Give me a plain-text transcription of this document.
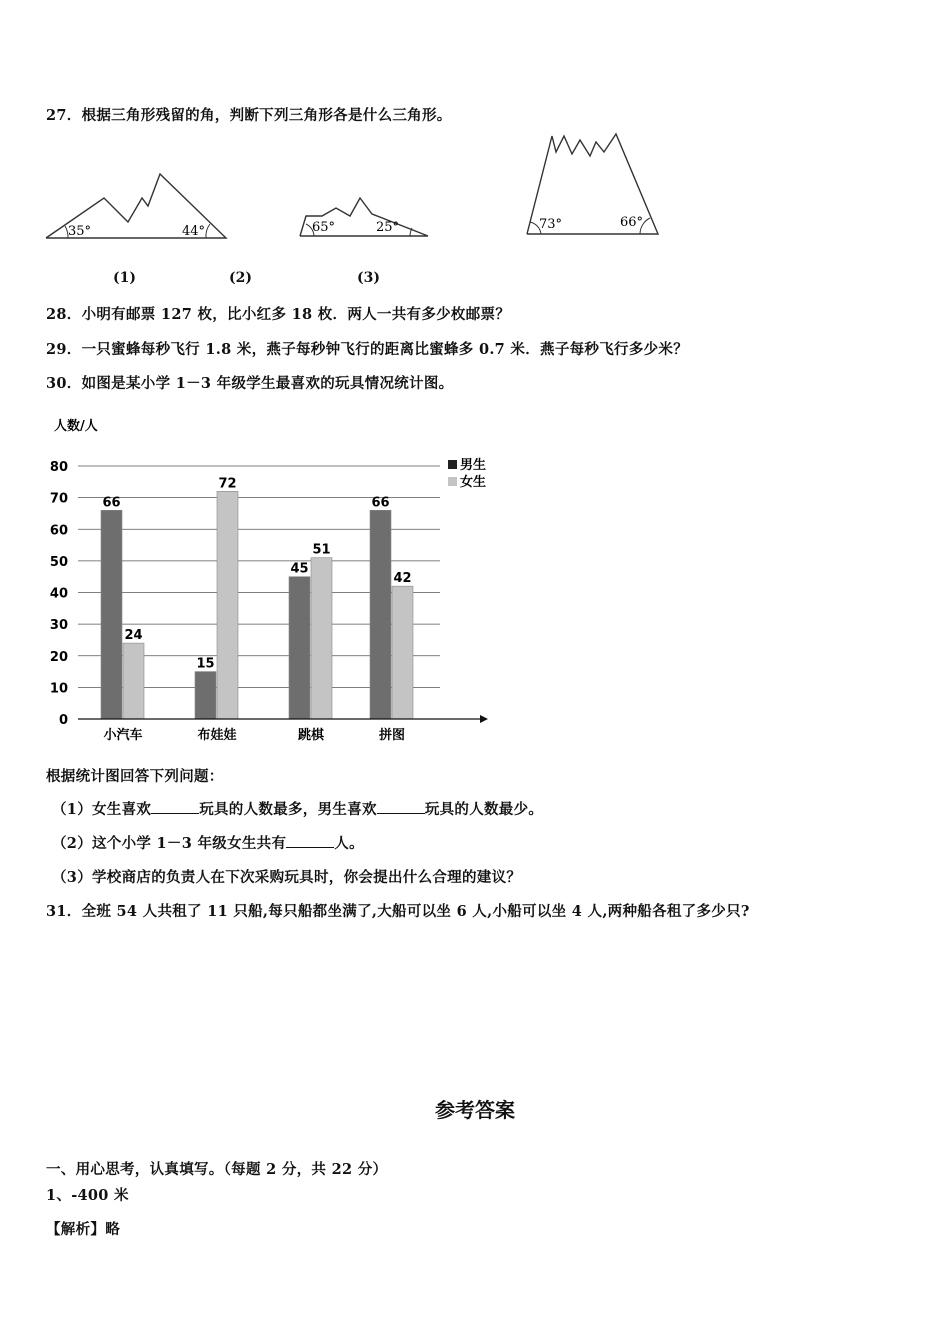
27．根据三角形残留的角，判断下列三角形各是什么三角形。
35°	44°	65°	25°	73°	66°
(1)	(2)	(3)
28．小明有邮票 127 枚，比小红多 18 枚．两人一共有多少枚邮票？
29．一只蜜蜂每秒飞行 1.8 米，燕子每秒钟飞行的距离比蜜蜂多 0.7 米．燕子每秒飞行多少米？
30．如图是某小学 1－3 年级学生最喜欢的玩具情况统计图。
人数/人
0
10
20
30
40
50
60
70
80
66
24
15
72
45
51
66
42
小汽车	布娃娃	跳棋	拼图
男生
女生
根据统计图回答下列问题：
（1）女生喜欢	玩具的人数最多，男生喜欢	玩具的人数最少。
（2）这个小学 1－3 年级女生共有	人。
（3）学校商店的负责人在下次采购玩具时，你会提出什么合理的建议？
31．全班 54 人共租了 11 只船,每只船都坐满了,大船可以坐 6 人,小船可以坐 4 人,两种船各租了多少只?
参考答案
一、用心思考，认真填写。（每题 2 分，共 22 分）
1、-400 米
【解析】略
